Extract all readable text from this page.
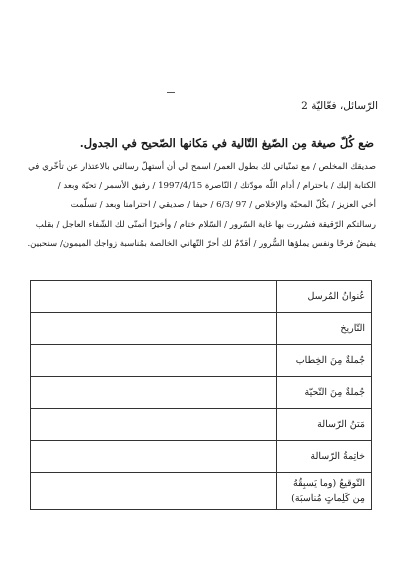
الرّسائل، فعّاليّة 2
ضع كُلّ صيغة مِن الصّيغ التّالية في مَكانها الصّحيح في الجدول.
صديقك المخلص / مع تمنّياتي لك بطول العمر/ اسمح لي أن أستهلّ رسالتي بالاعتذار عن تأخّري في
الكتابة إليك / باحترام / أدام اللّه مودّتك / النّاصرة 1997/4/15 / رفيق الأسمر / تحيّة وبعد /
أخي العزيز / بكُلّ المحبّة والإخلاص / 97 /6/3 / حيفا / صديقي / احترامنا وبعد / تسلّمت
رسالتكم الرّقيقة فسُررت بها غاية السّرور / السّلام ختام / وأخيرًا أتمنّى لك الشّفاء العاجل / بقلب
يفيضُ فرحًا ونفس يملؤها السُّرور / أقدّمُ لك أحرّ التّهاني الخالصة بمُناسبة زواجك الميمون/ سنحبين.
عُنوانُ المُرسل	
التّاريخ	
جُملةٌ مِنَ الخِطاب	
جُملةٌ مِنَ التّحيّة	
مَتنُ الرّسالة	
خاتِمةُ الرّسالة	
التّوقيعُ (وما يَسبِقُهُ مِن كَلِماتٍ مُناسبَة)	
